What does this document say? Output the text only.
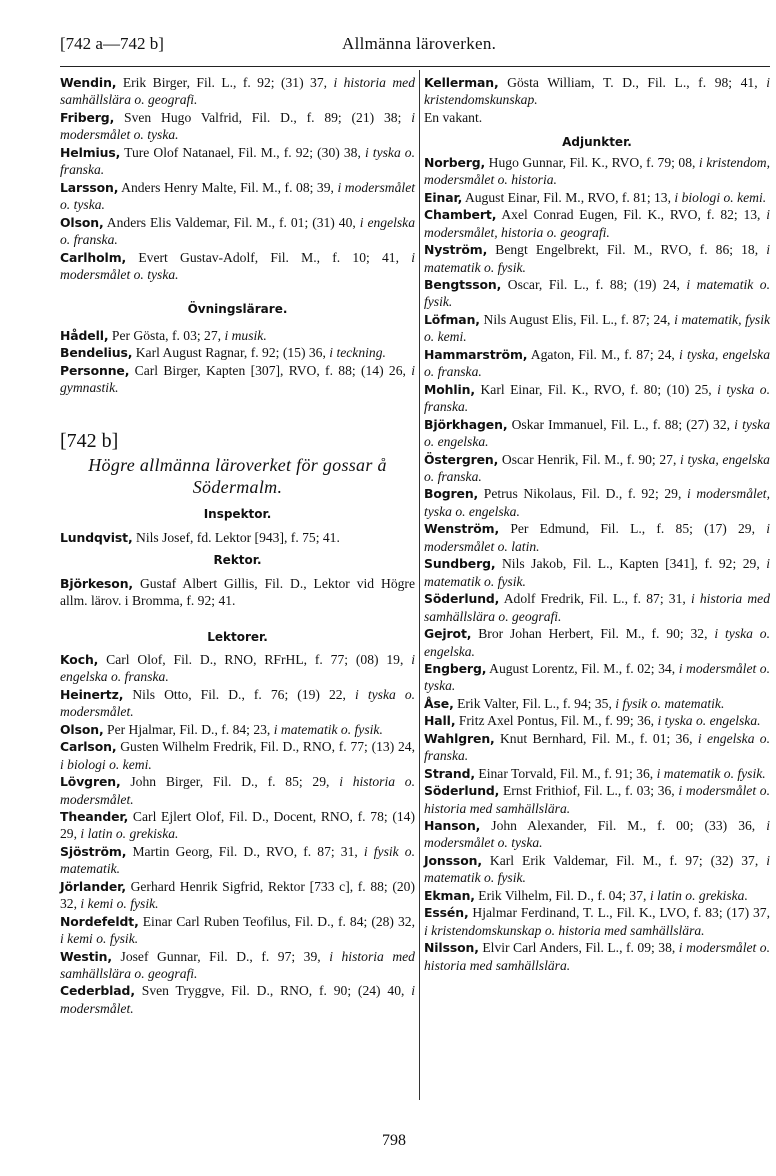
[742 a—742 b]	Allmänna läroverken.
Wendin, Erik Birger, Fil. L., f. 92; (31) 37, i historia med samhällslära o. geografi.
Friberg, Sven Hugo Valfrid, Fil. D., f. 89; (21) 38; i modersmålet o. tyska.
Helmius, Ture Olof Natanael, Fil. M., f. 92; (30) 38, i tyska o. franska.
Larsson, Anders Henry Malte, Fil. M., f. 08; 39, i modersmålet o. tyska.
Olson, Anders Elis Valdemar, Fil. M., f. 01; (31) 40, i engelska o. franska.
Carlholm, Evert Gustav-Adolf, Fil. M., f. 10; 41, i modersmålet o. tyska.
Övningslärare.
Hådell, Per Gösta, f. 03; 27, i musik.
Bendelius, Karl August Ragnar, f. 92; (15) 36, i teckning.
Personne, Carl Birger, Kapten [307], RVO, f. 88; (14) 26, i gymnastik.
[742 b]
Högre allmänna läroverket för gossar å Södermalm.
Inspektor.
Lundqvist, Nils Josef, fd. Lektor [943], f. 75; 41.
Rektor.
Björkeson, Gustaf Albert Gillis, Fil. D., Lektor vid Högre allm. lärov. i Bromma, f. 92; 41.
Lektorer.
Koch, Carl Olof, Fil. D., RNO, RFrHL, f. 77; (08) 19, i engelska o. franska.
Heinertz, Nils Otto, Fil. D., f. 76; (19) 22, i tyska o. modersmålet.
Olson, Per Hjalmar, Fil. D., f. 84; 23, i matematik o. fysik.
Carlson, Gusten Wilhelm Fredrik, Fil. D., RNO, f. 77; (13) 24, i biologi o. kemi.
Lövgren, John Birger, Fil. D., f. 85; 29, i historia o. modersmålet.
Theander, Carl Ejlert Olof, Fil. D., Docent, RNO, f. 78; (14) 29, i latin o. grekiska.
Sjöström, Martin Georg, Fil. D., RVO, f. 87; 31, i fysik o. matematik.
Jörlander, Gerhard Henrik Sigfrid, Rektor [733 c], f. 88; (20) 32, i kemi o. fysik.
Nordefeldt, Einar Carl Ruben Teofilus, Fil. D., f. 84; (28) 32, i kemi o. fysik.
Westin, Josef Gunnar, Fil. D., f. 97; 39, i historia med samhällslära o. geografi.
Cederblad, Sven Tryggve, Fil. D., RNO, f. 90; (24) 40, i modersmålet.
Kellerman, Gösta William, T. D., Fil. L., f. 98; 41, i kristendomskunskap.
En vakant.
Adjunkter.
Norberg, Hugo Gunnar, Fil. K., RVO, f. 79; 08, i kristendom, modersmålet o. historia.
Einar, August Einar, Fil. M., RVO, f. 81; 13, i biologi o. kemi.
Chambert, Axel Conrad Eugen, Fil. K., RVO, f. 82; 13, i modersmålet, historia o. geografi.
Nyström, Bengt Engelbrekt, Fil. M., RVO, f. 86; 18, i matematik o. fysik.
Bengtsson, Oscar, Fil. L., f. 88; (19) 24, i matematik o. fysik.
Löfman, Nils August Elis, Fil. L., f. 87; 24, i matematik, fysik o. kemi.
Hammarström, Agaton, Fil. M., f. 87; 24, i tyska, engelska o. franska.
Mohlin, Karl Einar, Fil. K., RVO, f. 80; (10) 25, i tyska o. franska.
Björkhagen, Oskar Immanuel, Fil. L., f. 88; (27) 32, i tyska o. engelska.
Östergren, Oscar Henrik, Fil. M., f. 90; 27, i tyska, engelska o. franska.
Bogren, Petrus Nikolaus, Fil. D., f. 92; 29, i modersmålet, tyska o. engelska.
Wenström, Per Edmund, Fil. L., f. 85; (17) 29, i modersmålet o. latin.
Sundberg, Nils Jakob, Fil. L., Kapten [341], f. 92; 29, i matematik o. fysik.
Söderlund, Adolf Fredrik, Fil. L., f. 87; 31, i historia med samhällslära o. geografi.
Gejrot, Bror Johan Herbert, Fil. M., f. 90; 32, i tyska o. engelska.
Engberg, August Lorentz, Fil. M., f. 02; 34, i modersmålet o. tyska.
Åse, Erik Valter, Fil. L., f. 94; 35, i fysik o. matematik.
Hall, Fritz Axel Pontus, Fil. M., f. 99; 36, i tyska o. engelska.
Wahlgren, Knut Bernhard, Fil. M., f. 01; 36, i engelska o. franska.
Strand, Einar Torvald, Fil. M., f. 91; 36, i matematik o. fysik.
Söderlund, Ernst Frithiof, Fil. L., f. 03; 36, i modersmålet o. historia med samhällslära.
Hanson, John Alexander, Fil. M., f. 00; (33) 36, i modersmålet o. tyska.
Jonsson, Karl Erik Valdemar, Fil. M., f. 97; (32) 37, i matematik o. fysik.
Ekman, Erik Vilhelm, Fil. D., f. 04; 37, i latin o. grekiska.
Essén, Hjalmar Ferdinand, T. L., Fil. K., LVO, f. 83; (17) 37, i kristendomskunskap o. historia med samhällslära.
Nilsson, Elvir Carl Anders, Fil. L., f. 09; 38, i modersmålet o. historia med samhällslära.
798
